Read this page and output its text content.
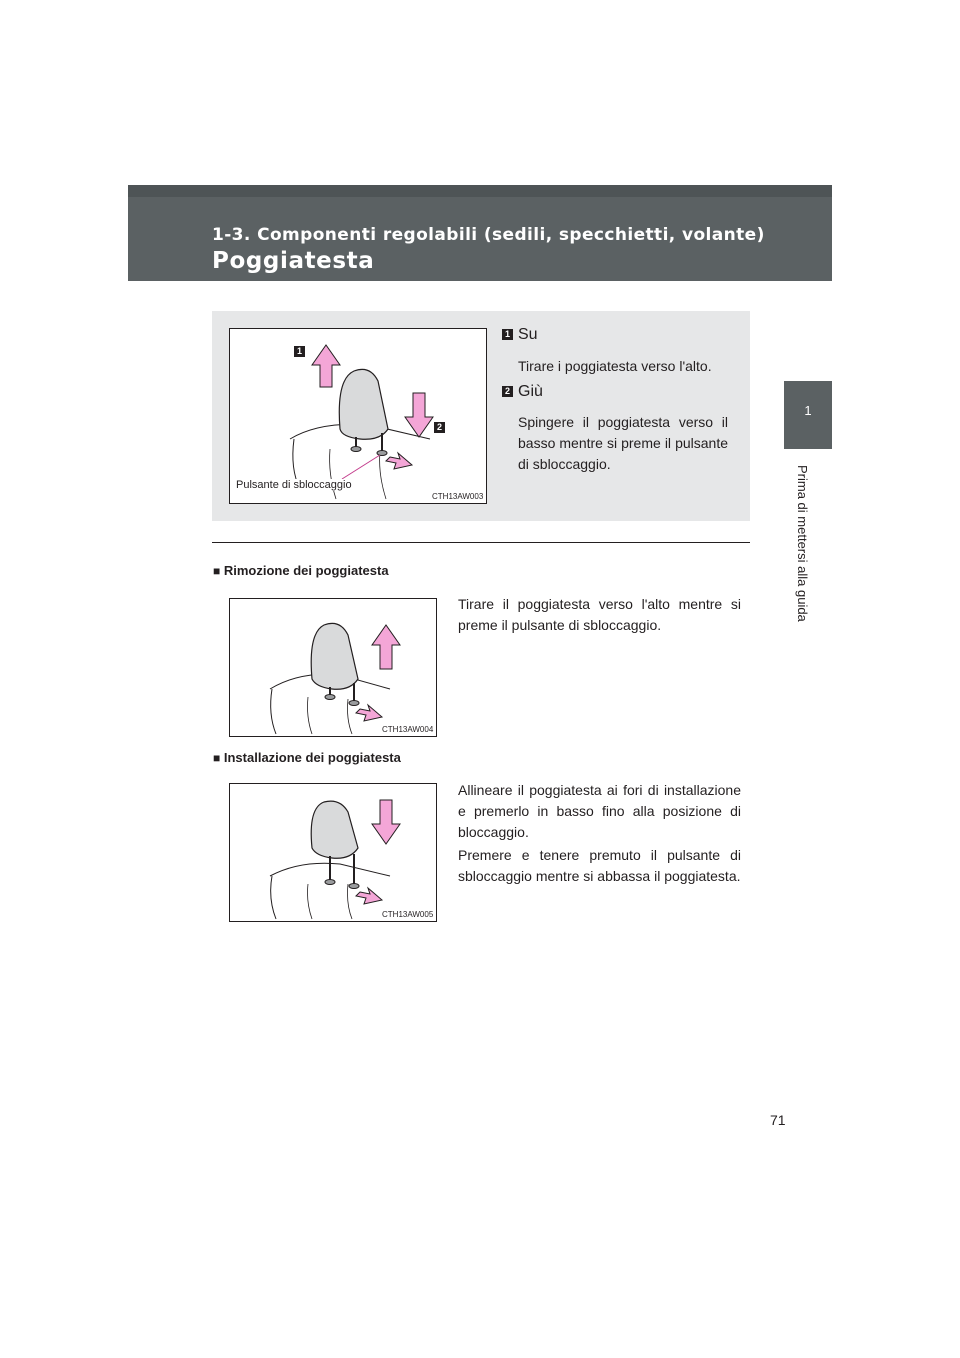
1-3. Componenti regolabili (sedili, specchietti, volante)
Poggiatesta
1
Prima di mettersi alla guida
1
2
Pulsante di sbloccaggio
CTH13AW003
1 Su
Tirare i poggiatesta verso l'alto.
2 Giù
Spingere il poggiatesta verso il basso mentre si preme il pulsante di sbloccaggio.
■ Rimozione dei poggiatesta
CTH13AW004
Tirare il poggiatesta verso l'alto mentre si preme il pulsante di sbloccaggio.
■ Installazione dei poggiatesta
CTH13AW005
Allineare il poggiatesta ai fori di installazione e premerlo in basso fino alla posizione di bloccaggio.
Premere e tenere premuto il pulsante di sbloccaggio mentre si abbassa il poggiatesta.
71
